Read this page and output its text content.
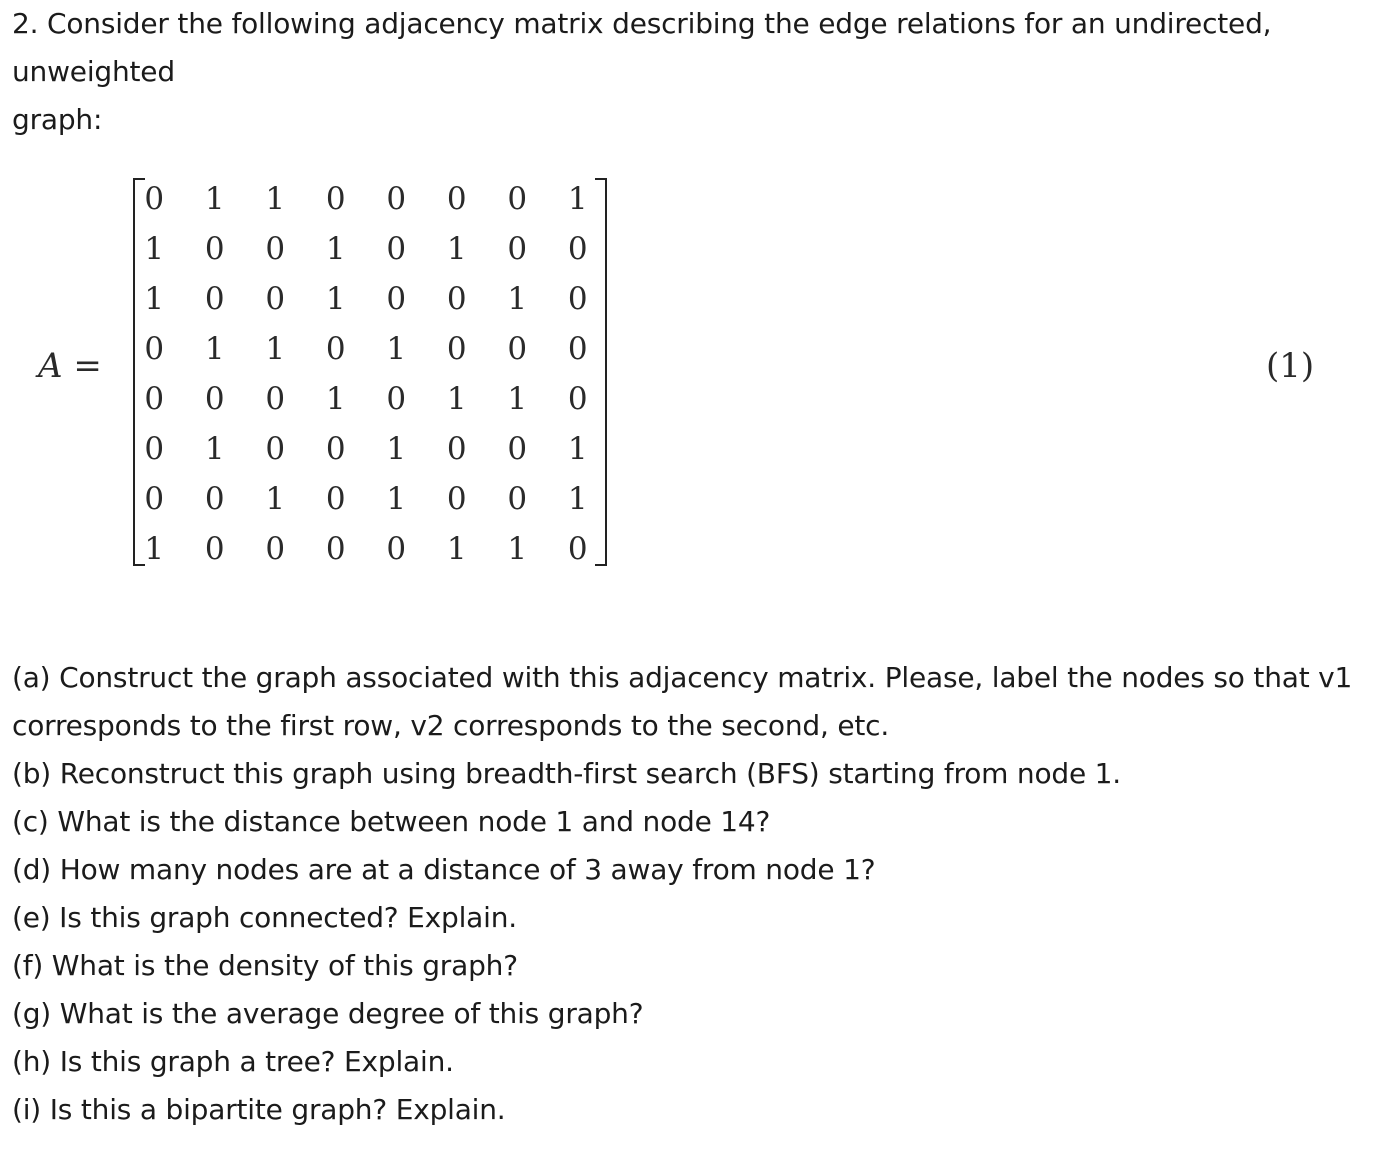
2. Consider the following adjacency matrix describing the edge relations for an undirected,
unweighted
graph:
A =
0	1	1	0	0	0	0	1
1	0	0	1	0	1	0	0
1	0	0	1	0	0	1	0
0	1	1	0	1	0	0	0
0	0	0	1	0	1	1	0
0	1	0	0	1	0	0	1
0	0	1	0	1	0	0	1
1	0	0	0	0	1	1	0
(1)
(a) Construct the graph associated with this adjacency matrix. Please, label the nodes so that v1
corresponds to the first row, v2 corresponds to the second, etc.
(b) Reconstruct this graph using breadth-first search (BFS) starting from node 1.
(c) What is the distance between node 1 and node 14?
(d) How many nodes are at a distance of 3 away from node 1?
(e) Is this graph connected? Explain.
(f) What is the density of this graph?
(g) What is the average degree of this graph?
(h) Is this graph a tree? Explain.
(i) Is this a bipartite graph? Explain.
